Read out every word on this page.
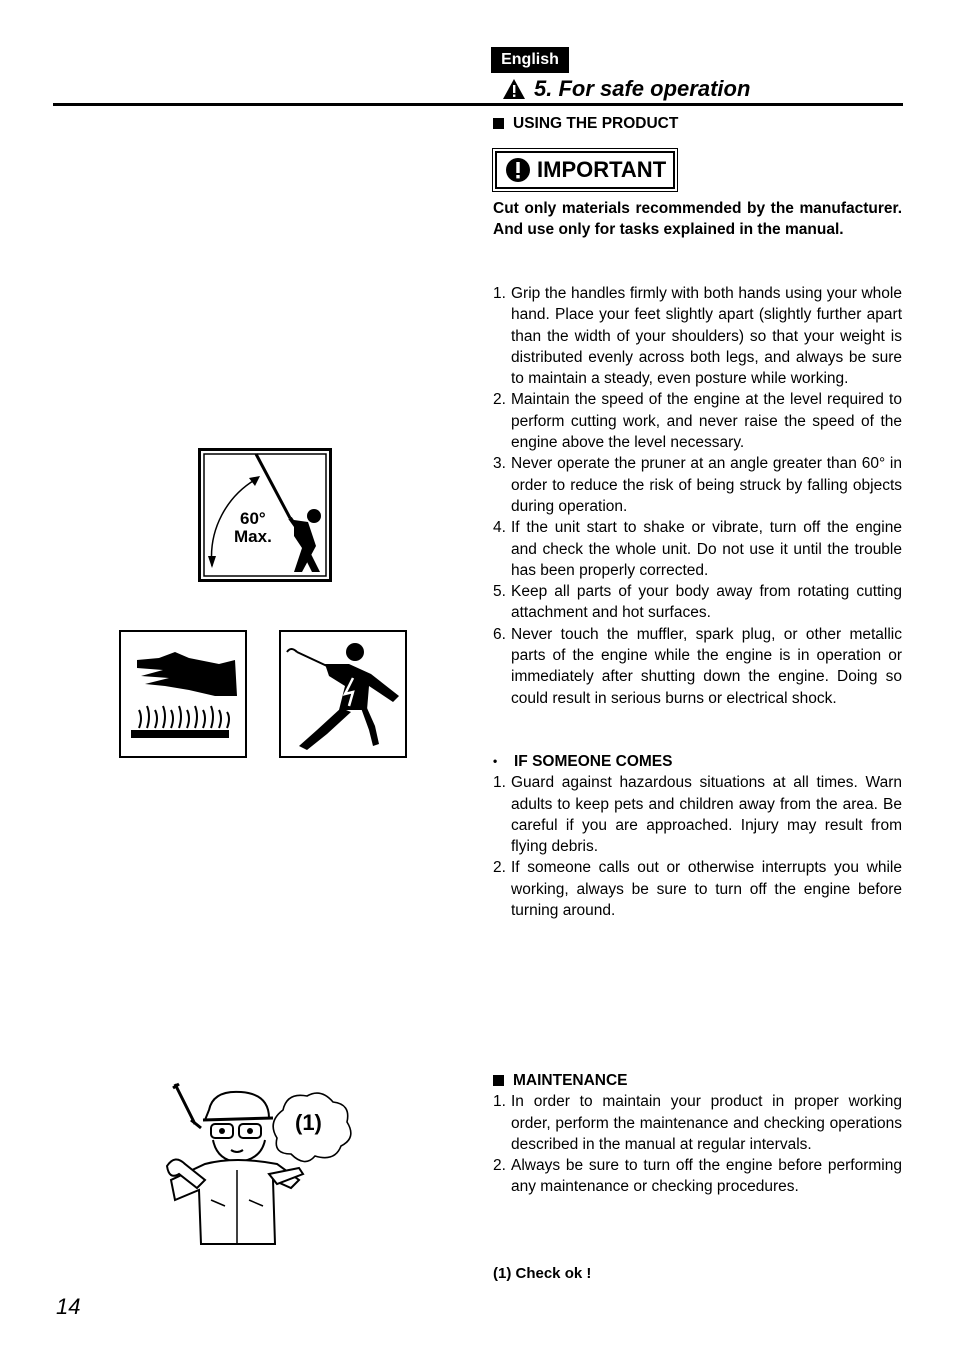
English
5. For safe operation
USING THE PRODUCT
IMPORTANT
Cut only materials recommended by the manufacturer. And use only for tasks explained in the manual.
1. Grip the handles firmly with both hands using your whole hand. Place your feet slightly apart (slightly further apart than the width of your shoulders) so that your weight is distributed evenly across both legs, and always be sure to maintain a steady, even posture while working.
2. Maintain the speed of the engine at the level required to perform cutting work, and never raise the speed of the engine above the level necessary.
3. Never operate the pruner at an angle greater than 60° in order to reduce the risk of being struck by falling objects during operation.
4. If the unit start to shake or vibrate, turn off the engine and check the whole unit. Do not use it until the trouble has been properly corrected.
5. Keep all parts of your body away from rotating cutting attachment and hot surfaces.
6. Never touch the muffler, spark plug, or other metallic parts of the engine while the engine is in operation or immediately after shutting down the engine. Doing so could result in serious burns or electrical shock.
•	IF SOMEONE COMES
1. Guard against hazardous situations at all times. Warn adults to keep pets and children away from the area. Be careful if you are approached. Injury may result from flying debris.
2. If someone calls out or otherwise interrupts you while working, always be sure to turn off the engine before turning around.
MAINTENANCE
1. In order to maintain your product in proper working order, perform the maintenance and checking operations described in the manual at regular intervals.
2. Always be sure to turn off the engine before performing any maintenance or checking procedures.
(1) Check ok !
60°
Max.
(1)
14
